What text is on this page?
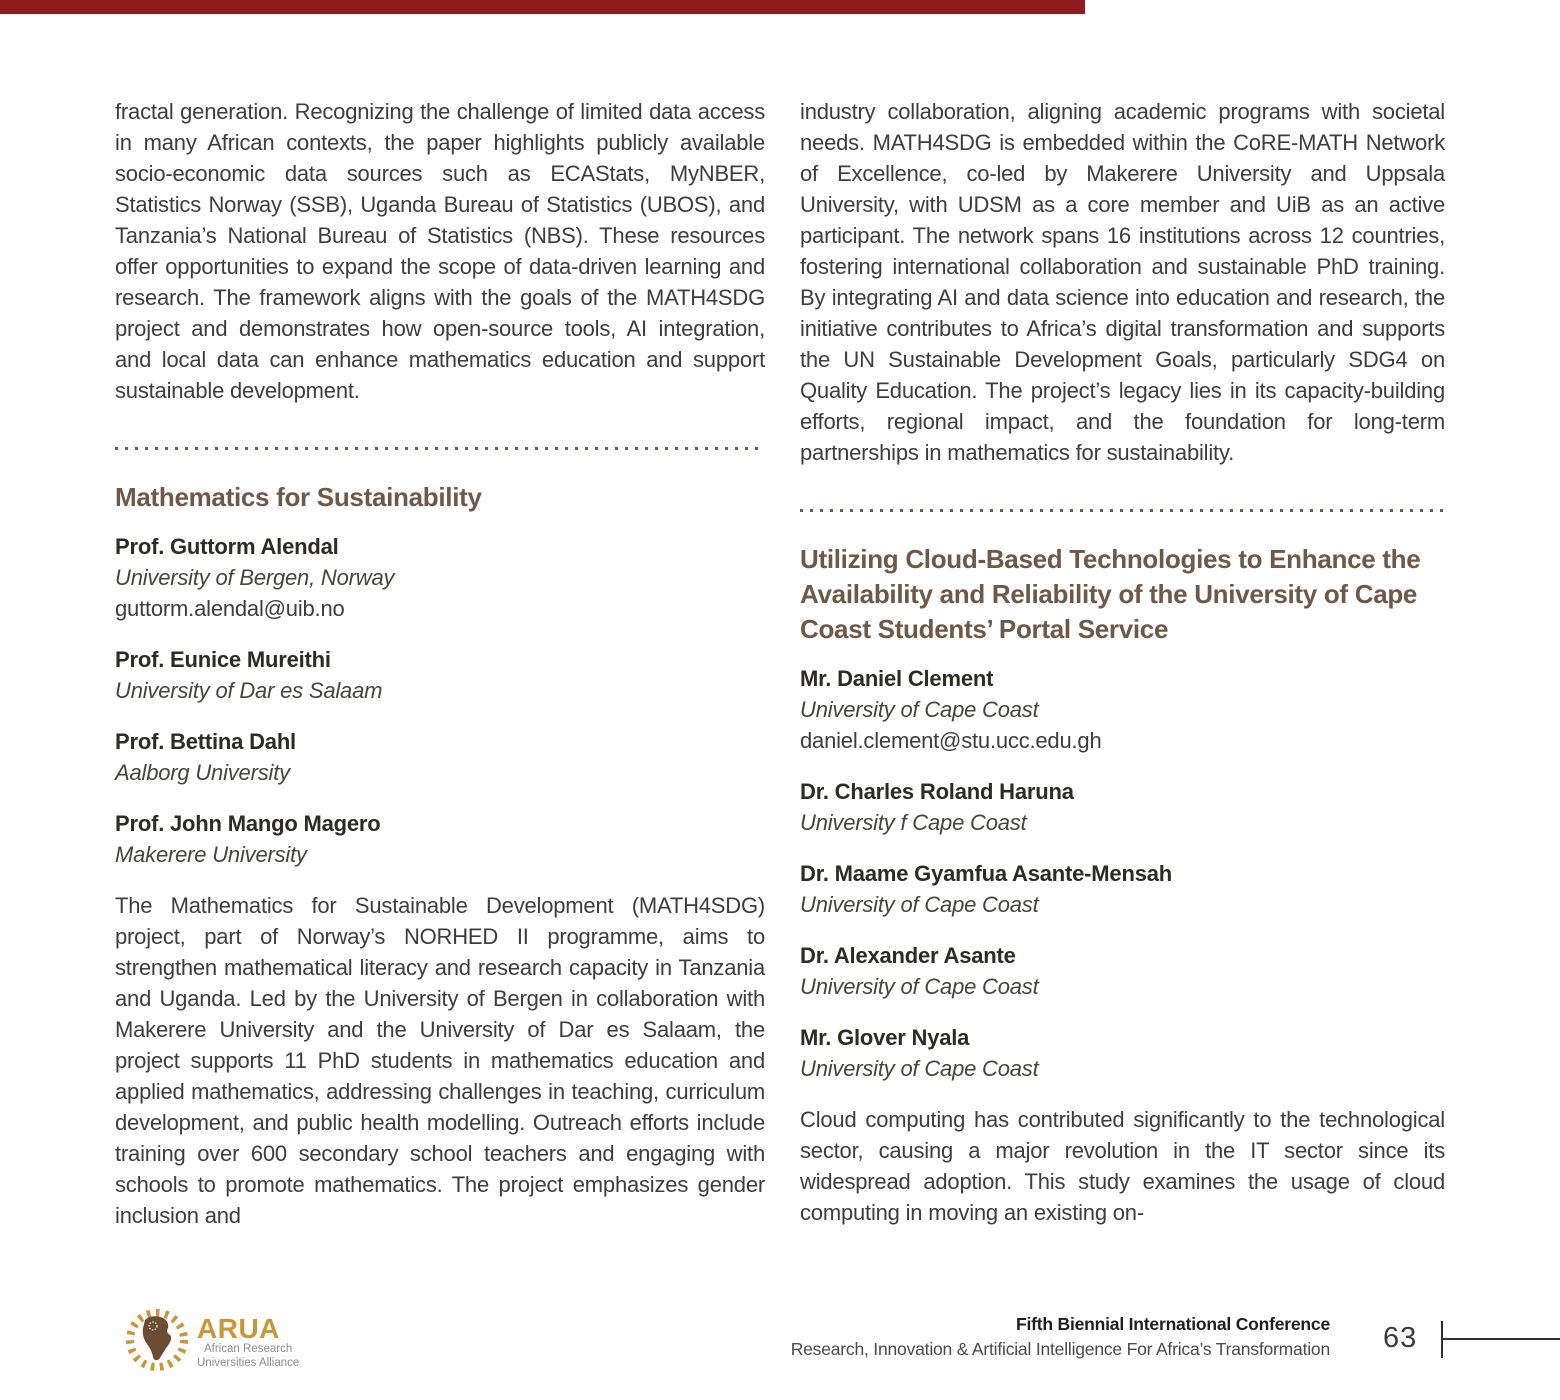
fractal generation. Recognizing the challenge of limited data access in many African contexts, the paper highlights publicly available socio-economic data sources such as ECAStats, MyNBER, Statistics Norway (SSB), Uganda Bureau of Statistics (UBOS), and Tanzania’s National Bureau of Statistics (NBS). These resources offer opportunities to expand the scope of data-driven learning and research. The framework aligns with the goals of the MATH4SDG project and demonstrates how open-source tools, AI integration, and local data can enhance mathematics education and support sustainable development.

Mathematics for Sustainability
Prof. Guttorm Alendal
University of Bergen, Norway
guttorm.alendal@uib.no
Prof. Eunice Mureithi
University of Dar es Salaam
Prof. Bettina Dahl
Aalborg University
Prof. John Mango Magero
Makerere University

The Mathematics for Sustainable Development (MATH4SDG) project, part of Norway’s NORHED II programme, aims to strengthen mathematical literacy and research capacity in Tanzania and Uganda. Led by the University of Bergen in collaboration with Makerere University and the University of Dar es Salaam, the project supports 11 PhD students in mathematics education and applied mathematics, addressing challenges in teaching, curriculum development, and public health modelling. Outreach efforts include training over 600 secondary school teachers and engaging with schools to promote mathematics. The project emphasizes gender inclusion and

industry collaboration, aligning academic programs with societal needs. MATH4SDG is embedded within the CoRE-MATH Network of Excellence, co-led by Makerere University and Uppsala University, with UDSM as a core member and UiB as an active participant. The network spans 16 institutions across 12 countries, fostering international collaboration and sustainable PhD training. By integrating AI and data science into education and research, the initiative contributes to Africa’s digital transformation and supports the UN Sustainable Development Goals, particularly SDG4 on Quality Education. The project’s legacy lies in its capacity-building efforts, regional impact, and the foundation for long-term partnerships in mathematics for sustainability.

Utilizing Cloud-Based Technologies to Enhance the Availability and Reliability of the University of Cape Coast Students’ Portal Service
Mr. Daniel Clement
University of Cape Coast
daniel.clement@stu.ucc.edu.gh
Dr. Charles Roland Haruna
University f Cape Coast
Dr. Maame Gyamfua Asante-Mensah
University of Cape Coast
Dr. Alexander Asante
University of Cape Coast
Mr. Glover Nyala
University of Cape Coast

Cloud computing has contributed significantly to the technological sector, causing a major revolution in the IT sector since its widespread adoption. This study examines the usage of cloud computing in moving an existing on-

ARUA
African Research
Universities Alliance
Fifth Biennial International Conference
Research, Innovation & Artificial Intelligence For Africa’s Transformation 63
